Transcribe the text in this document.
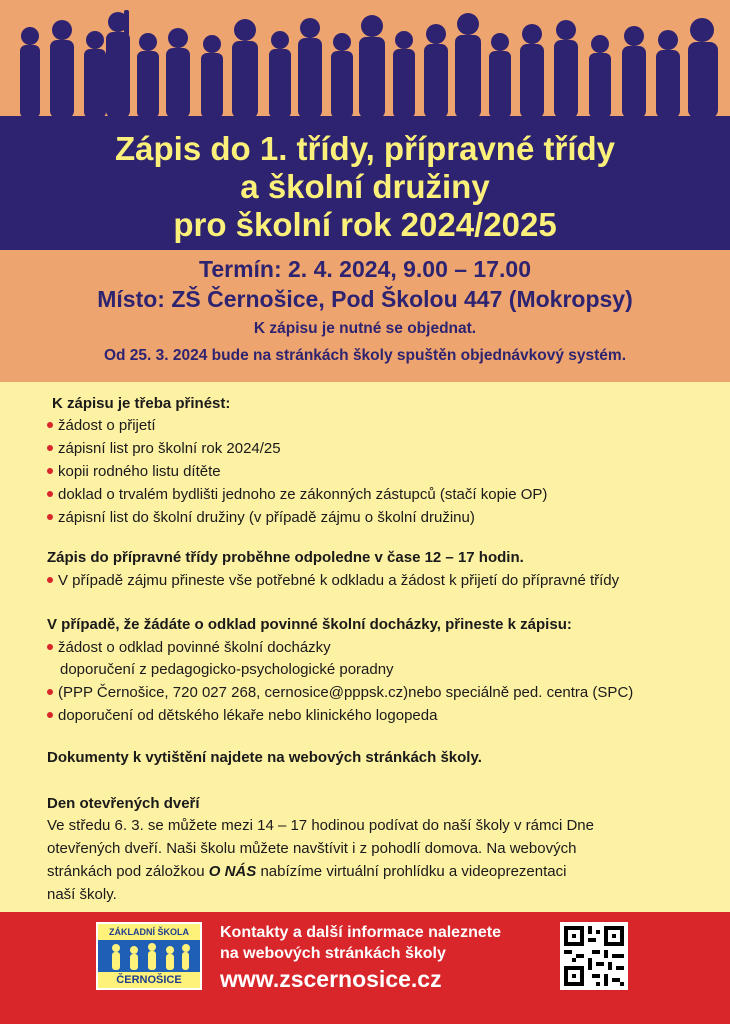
Zápis do 1. třídy, přípravné třídy
a školní družiny
pro školní rok 2024/2025
Termín: 2. 4. 2024, 9.00 – 17.00
Místo: ZŠ Černošice, Pod Školou 447 (Mokropsy)
K zápisu je nutné se objednat.
Od 25. 3. 2024 bude na stránkách školy spuštěn objednávkový systém.
K zápisu je třeba přinést:
žádost o přijetí
zápisní list pro školní rok 2024/25
kopii rodného listu dítěte
doklad o trvalém bydlišti jednoho ze zákonných zástupců (stačí kopie OP)
zápisní list do školní družiny (v případě zájmu o školní družinu)
Zápis do přípravné třídy proběhne odpoledne v čase 12 – 17 hodin.
V případě zájmu přineste vše potřebné k odkladu a žádost k přijetí do přípravné třídy
V případě, že žádáte o odklad povinné školní docházky, přineste k zápisu:
žádost o odklad povinné školní docházky
doporučení z pedagogicko-psychologické poradny
(PPP Černošice, 720 027 268, cernosice@pppsk.cz)nebo speciálně ped. centra (SPC)
doporučení od dětského lékaře nebo klinického logopeda
Dokumenty k vytištění najdete na webových stránkách školy.
Den otevřených dveří
Ve středu 6. 3. se můžete mezi 14 – 17 hodinou podívat do naší školy v rámci Dne
otevřených dveří. Naši školu můžete navštívit i z pohodlí domova. Na webových
stránkách pod záložkou O NÁS nabízíme virtuální prohlídku a videoprezentaci
naší školy.
ZÁKLADNÍ ŠKOLA
ČERNOŠICE
Kontakty a další informace naleznete
na webových stránkách školy
www.zscernosice.cz
